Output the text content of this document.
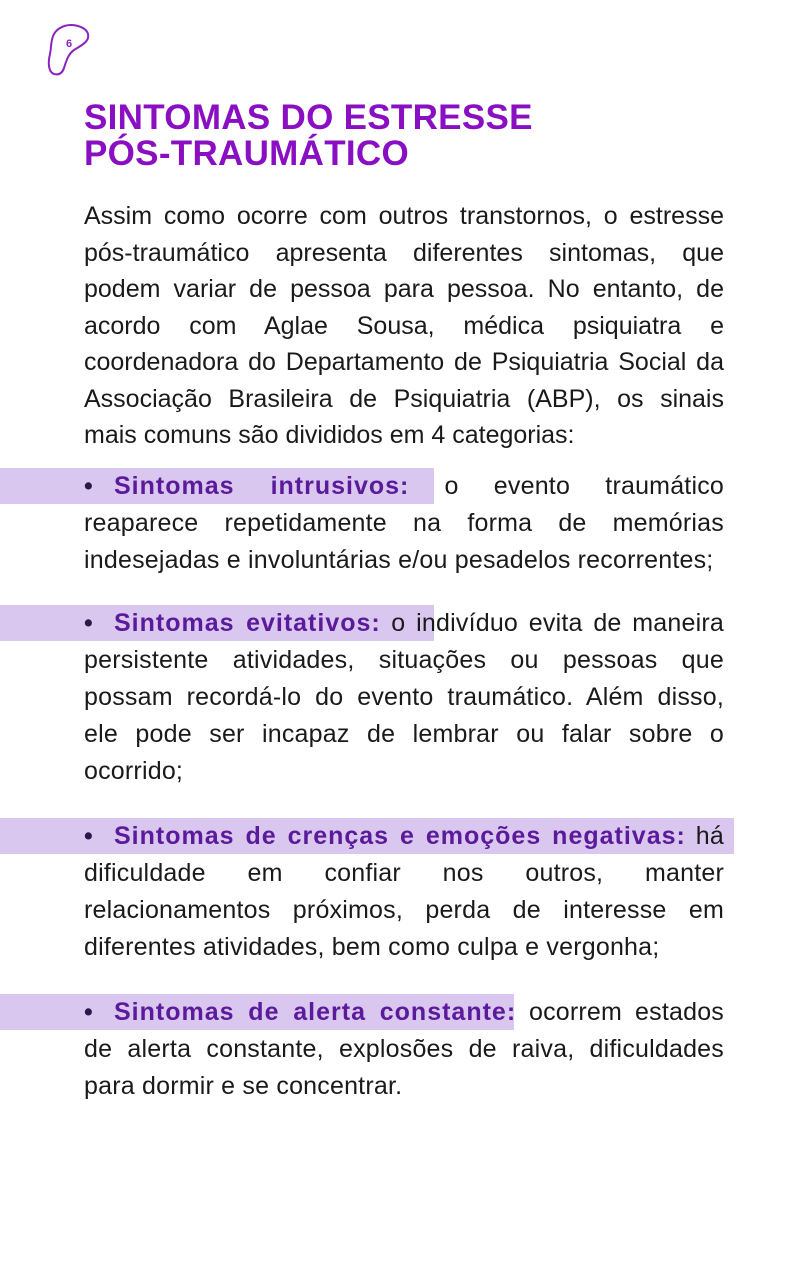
6
SINTOMAS DO ESTRESSE
PÓS-TRAUMÁTICO

Assim como ocorre com outros transtornos, o estresse pós-traumático apresenta diferentes sintomas, que podem variar de pessoa para pessoa. No entanto, de acordo com Aglae Sousa, médica psiquiatra e coordenadora do Departamento de Psiquiatria Social da Associação Brasileira de Psiquiatria (ABP), os sinais mais comuns são divididos em 4 categorias:

• Sintomas intrusivos: o evento traumático reaparece repetidamente na forma de memórias indesejadas e involuntárias e/ou pesadelos recorrentes;

• Sintomas evitativos: o indivíduo evita de maneira persistente atividades, situações ou pessoas que possam recordá-lo do evento traumático. Além disso, ele pode ser incapaz de lembrar ou falar sobre o ocorrido;

• Sintomas de crenças e emoções negativas: há dificuldade em confiar nos outros, manter relacionamentos próximos, perda de interesse em diferentes atividades, bem como culpa e vergonha;

• Sintomas de alerta constante: ocorrem estados de alerta constante, explosões de raiva, dificuldades para dormir e se concentrar.
